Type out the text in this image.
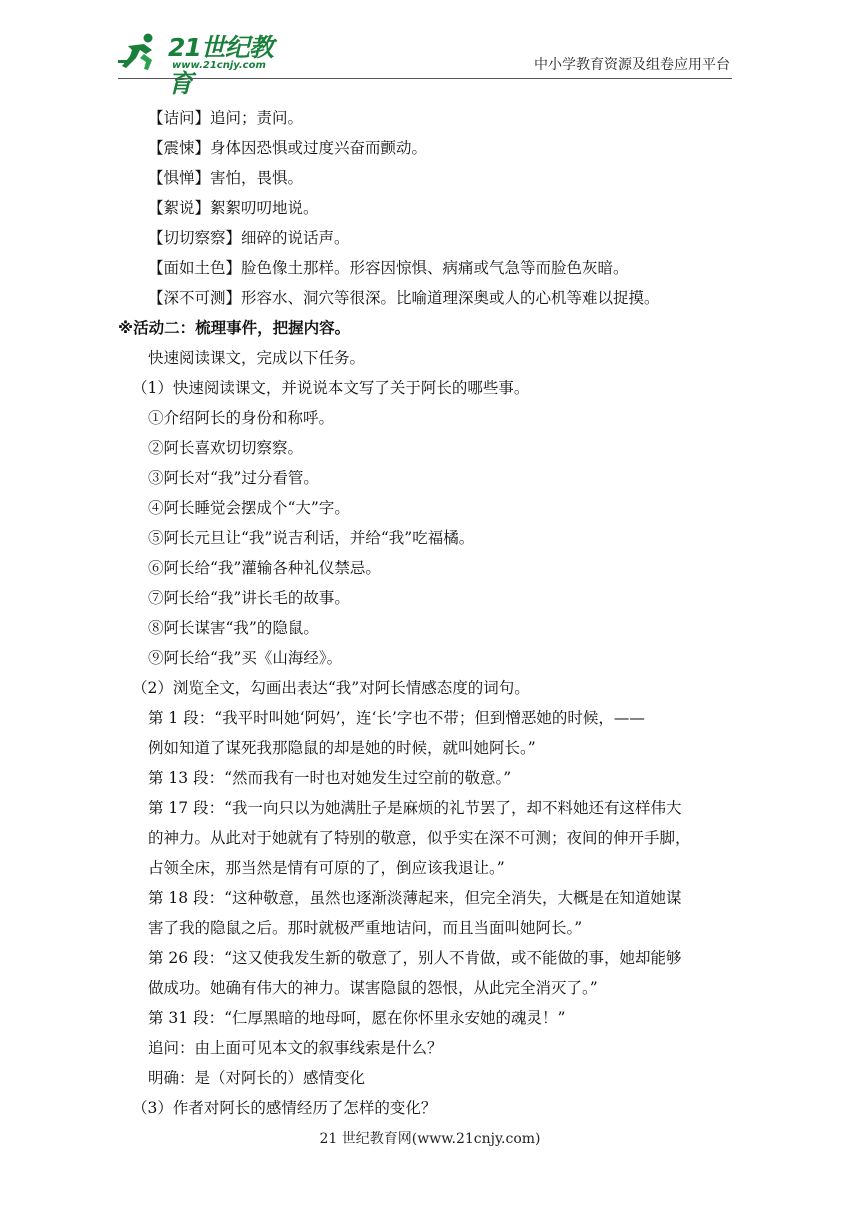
21世纪教育
www.21cnjy.com	中小学教育资源及组卷应用平台
【诘问】追问；责问。
【震悚】身体因恐惧或过度兴奋而颤动。
【惧惮】害怕，畏惧。
【絮说】絮絮叨叨地说。
【切切察察】细碎的说话声。
【面如土色】脸色像土那样。形容因惊惧、病痛或气急等而脸色灰暗。
【深不可测】形容水、洞穴等很深。比喻道理深奥或人的心机等难以捉摸。
※活动二：梳理事件，把握内容。
快速阅读课文，完成以下任务。
（1）快速阅读课文，并说说本文写了关于阿长的哪些事。
①介绍阿长的身份和称呼。
②阿长喜欢切切察察。
③阿长对“我”过分看管。
④阿长睡觉会摆成个“大”字。
⑤阿长元旦让“我”说吉利话，并给“我”吃福橘。
⑥阿长给“我”灌输各种礼仪禁忌。
⑦阿长给“我”讲长毛的故事。
⑧阿长谋害“我”的隐鼠。
⑨阿长给“我”买《山海经》。
（2）浏览全文，勾画出表达“我”对阿长情感态度的词句。
第 1 段：“我平时叫她‘阿妈’，连‘长’字也不带；但到憎恶她的时候，——
例如知道了谋死我那隐鼠的却是她的时候，就叫她阿长。”
第 13 段：“然而我有一时也对她发生过空前的敬意。”
第 17 段：“我一向只以为她满肚子是麻烦的礼节罢了，却不料她还有这样伟大
的神力。从此对于她就有了特别的敬意，似乎实在深不可测；夜间的伸开手脚，
占领全床，那当然是情有可原的了，倒应该我退让。”
第 18 段：“这种敬意，虽然也逐渐淡薄起来，但完全消失，大概是在知道她谋
害了我的隐鼠之后。那时就极严重地诘问，而且当面叫她阿长。”
第 26 段：“这又使我发生新的敬意了，别人不肯做，或不能做的事，她却能够
做成功。她确有伟大的神力。谋害隐鼠的怨恨，从此完全消灭了。”
第 31 段：“仁厚黑暗的地母呵，愿在你怀里永安她的魂灵！”
追问：由上面可见本文的叙事线索是什么？
明确：是（对阿长的）感情变化
（3）作者对阿长的感情经历了怎样的变化？
21 世纪教育网(www.21cnjy.com)
